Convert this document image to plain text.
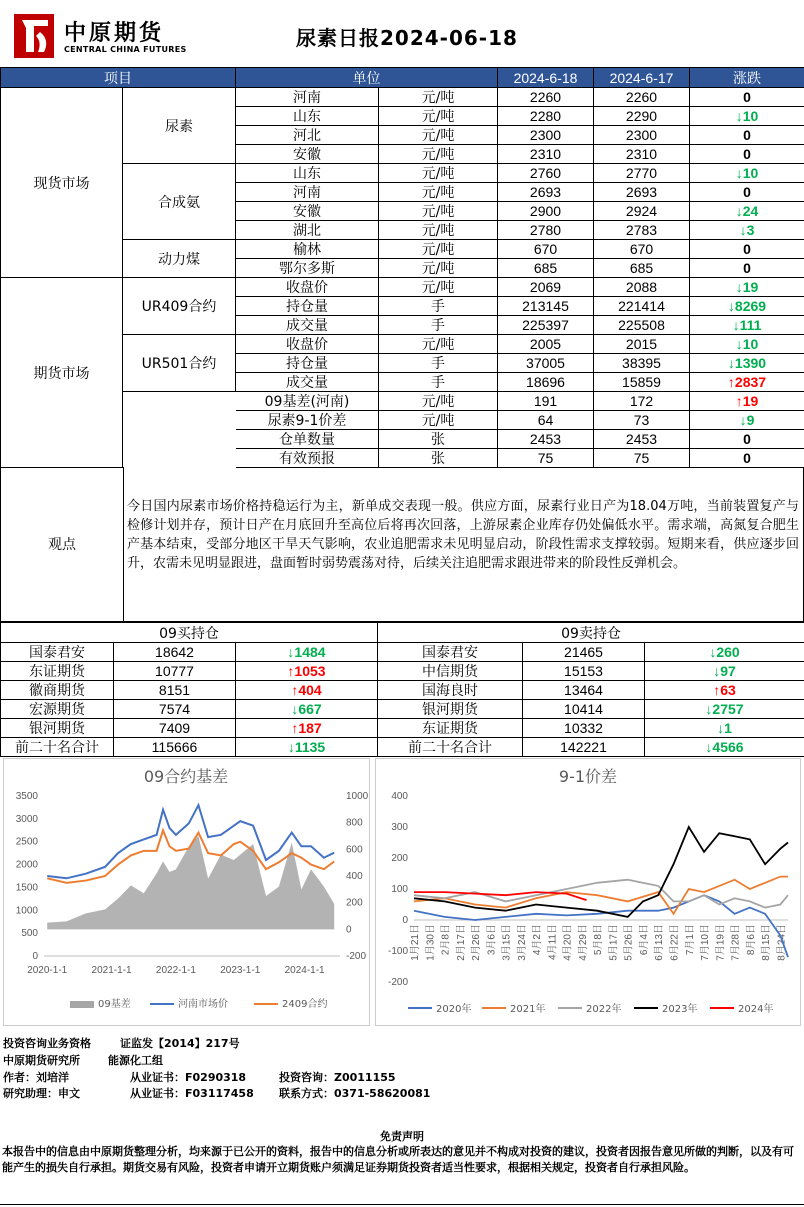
中原期货
CENTRAL CHINA FUTURES	尿素日报2024-06-18
项目	单位	2024-6-18	2024-6-17	涨跌
现货市场
期货市场
尿素
合成氨
动力煤
UR409合约
UR501合约
河南	元/吨	2260	2260	0
山东	元/吨	2280	2290	↓10
河北	元/吨	2300	2300	0
安徽	元/吨	2310	2310	0
山东	元/吨	2760	2770	↓10
河南	元/吨	2693	2693	0
安徽	元/吨	2900	2924	↓24
湖北	元/吨	2780	2783	↓3
榆林	元/吨	670	670	0
鄂尔多斯	元/吨	685	685	0
收盘价	元/吨	2069	2088	↓19
持仓量	手	213145	221414	↓8269
成交量	手	225397	225508	↓111
收盘价	元/吨	2005	2015	↓10
持仓量	手	37005	38395	↓1390
成交量	手	18696	15859	↑2837
09基差(河南)	元/吨	191	172	↑19
尿素9-1价差	元/吨	64	73	↓9
仓单数量	张	2453	2453	0
有效预报	张	75	75	0
观点
今日国内尿素市场价格持稳运行为主，新单成交表现一般。供应方面，尿素行业日产为18.04万吨，当前装置复产与检修计划并存，预计日产在月底回升至高位后将再次回落，上游尿素企业库存仍处偏低水平。需求端，高氮复合肥生产基本结束，受部分地区干旱天气影响，农业追肥需求未见明显启动，阶段性需求支撑较弱。短期来看，供应逐步回升，农需未见明显跟进，盘面暂时弱势震荡对待，后续关注追肥需求跟进带来的阶段性反弹机会。
09买持仓	09卖持仓
国泰君安	18642	↓1484	国泰君安	21465	↓260
东证期货	10777	↑1053	中信期货	15153	↓97
徽商期货	8151	↑404	国海良时	13464	↑63
宏源期货	7574	↓667	银河期货	10414	↓2757
银河期货	7409	↑187	东证期货	10332	↓1
前二十名合计	115666	↓1135	前二十名合计	142221	↓4566
09合约基差
3500
3000
2500
2000
1500
1000
500
0
1000
800
600
400
200
0
-200
2020-1-1 2021-1-1 2022-1-1 2023-1-1 2024-1-1
09基差	河南市场价	2409合约
9-1价差
400
300
200
100
0
-100
-200
1月21日 1月30日 2月8日 2月17日 2月26日 3月6日 3月15日 3月24日 4月2日 4月11日 4月20日 4月29日 5月8日 5月17日 5月26日 6月4日 6月13日 6月22日 7月1日 7月10日 7月19日 7月28日 8月6日 8月15日 8月24日
2020年	2021年	2022年	2023年	2024年
投资咨询业务资格	证监发【2014】217号
中原期货研究所	能源化工组
作者：刘培洋	从业证书：F0290318	投资咨询：Z0011155
研究助理：申文	从业证书：F03117458 联系方式：0371-58620081
免责声明
本报告中的信息由中原期货整理分析，均来源于已公开的资料，报告中的信息分析或所表达的意见并不构成对投资的建议，投资者因报告意见所做的判断，以及有可能产生的损失自行承担。期货交易有风险，投资者申请开立期货账户须满足证券期货投资者适当性要求，根据相关规定，投资者自行承担风险。
